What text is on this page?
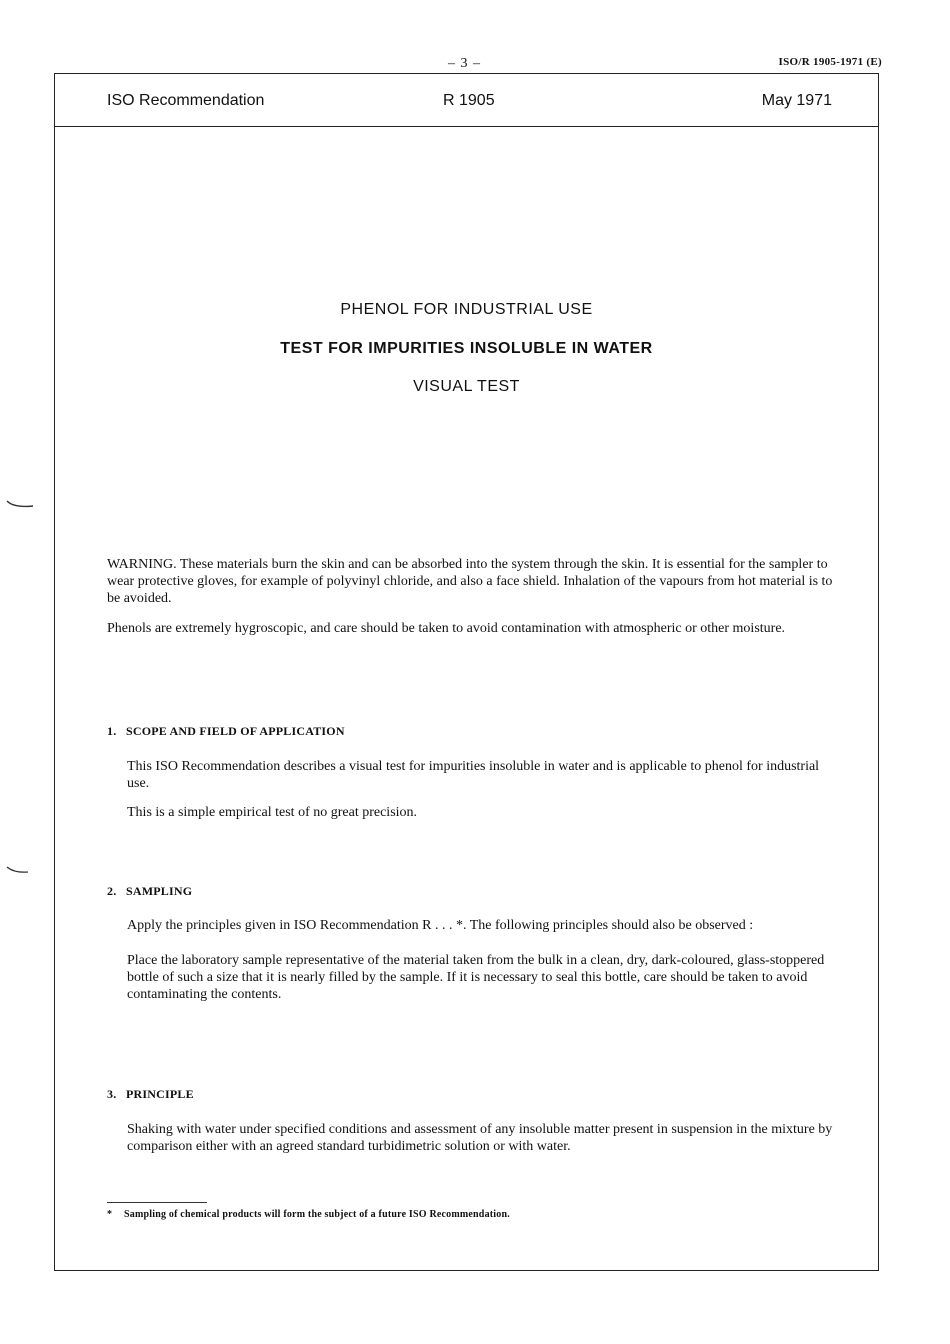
– 3 –	ISO/R 1905-1971 (E)
ISO Recommendation	R 1905	May 1971
PHENOL FOR INDUSTRIAL USE
TEST FOR IMPURITIES INSOLUBLE IN WATER
VISUAL TEST

WARNING. These materials burn the skin and can be absorbed into the system through the skin. It is essential for the sampler to wear protective gloves, for example of polyvinyl chloride, and also a face shield. Inhalation of the vapours from hot material is to be avoided.

Phenols are extremely hygroscopic, and care should be taken to avoid contamination with atmospheric or other moisture.

1. SCOPE AND FIELD OF APPLICATION

This ISO Recommendation describes a visual test for impurities insoluble in water and is applicable to phenol for industrial use.

This is a simple empirical test of no great precision.

2. SAMPLING

Apply the principles given in ISO Recommendation R . . . *. The following principles should also be observed :

Place the laboratory sample representative of the material taken from the bulk in a clean, dry, dark-coloured, glass-stoppered bottle of such a size that it is nearly filled by the sample. If it is necessary to seal this bottle, care should be taken to avoid contaminating the contents.

3. PRINCIPLE

Shaking with water under specified conditions and assessment of any insoluble matter present in suspension in the mixture by comparison either with an agreed standard turbidimetric solution or with water.

* Sampling of chemical products will form the subject of a future ISO Recommendation.
